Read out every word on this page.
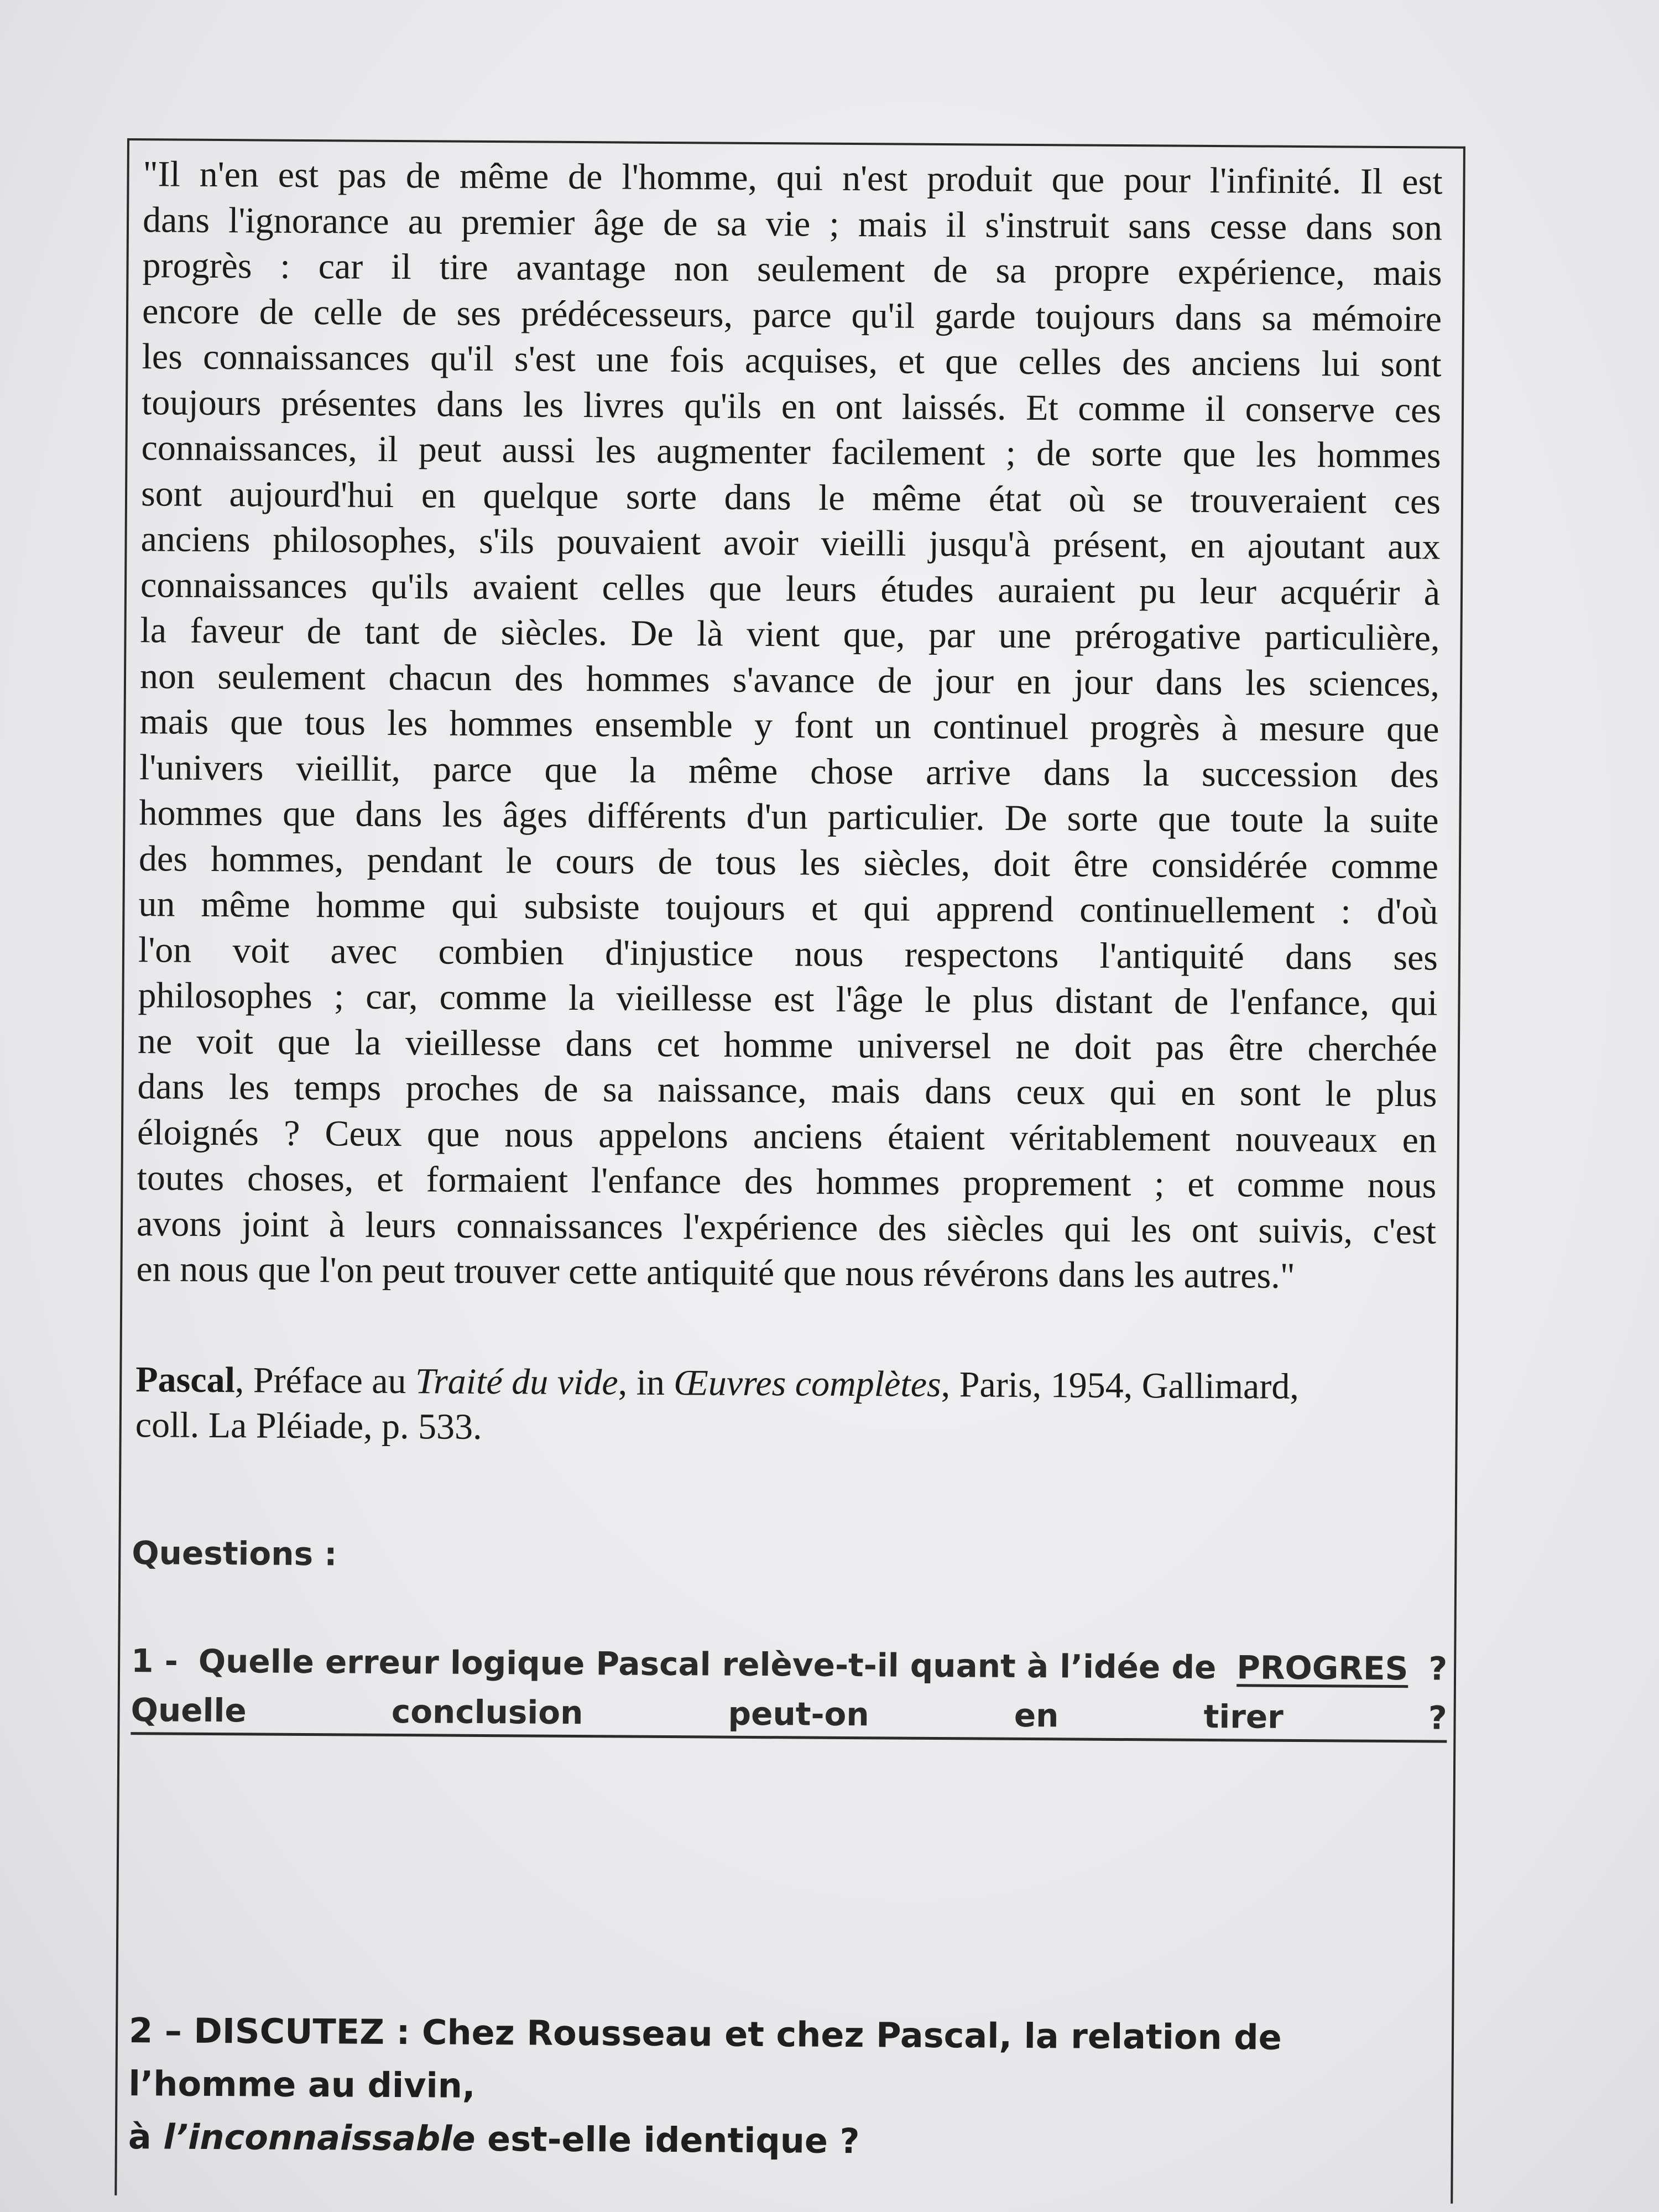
"Il n'en est pas de même de l'homme, qui n'est produit que pour l'infinité. Il est
dans l'ignorance au premier âge de sa vie ; mais il s'instruit sans cesse dans son
progrès : car il tire avantage non seulement de sa propre expérience, mais
encore de celle de ses prédécesseurs, parce qu'il garde toujours dans sa mémoire
les connaissances qu'il s'est une fois acquises, et que celles des anciens lui sont
toujours présentes dans les livres qu'ils en ont laissés. Et comme il conserve ces
connaissances, il peut aussi les augmenter facilement ; de sorte que les hommes
sont aujourd'hui en quelque sorte dans le même état où se trouveraient ces
anciens philosophes, s'ils pouvaient avoir vieilli jusqu'à présent, en ajoutant aux
connaissances qu'ils avaient celles que leurs études auraient pu leur acquérir à
la faveur de tant de siècles. De là vient que, par une prérogative particulière,
non seulement chacun des hommes s'avance de jour en jour dans les sciences,
mais que tous les hommes ensemble y font un continuel progrès à mesure que
l'univers vieillit, parce que la même chose arrive dans la succession des
hommes que dans les âges différents d'un particulier. De sorte que toute la suite
des hommes, pendant le cours de tous les siècles, doit être considérée comme
un même homme qui subsiste toujours et qui apprend continuellement : d'où
l'on voit avec combien d'injustice nous respectons l'antiquité dans ses
philosophes ; car, comme la vieillesse est l'âge le plus distant de l'enfance, qui
ne voit que la vieillesse dans cet homme universel ne doit pas être cherchée
dans les temps proches de sa naissance, mais dans ceux qui en sont le plus
éloignés ? Ceux que nous appelons anciens étaient véritablement nouveaux en
toutes choses, et formaient l'enfance des hommes proprement ; et comme nous
avons joint à leurs connaissances l'expérience des siècles qui les ont suivis, c'est
en nous que l'on peut trouver cette antiquité que nous révérons dans les autres."
Pascal, Préface au Traité du vide, in Œuvres complètes, Paris, 1954, Gallimard,
coll. La Pléiade, p. 533.
Questions :
1 - Quelle erreur logique Pascal relève-t-il quant à l’idée de PROGRES ?
Quelle	conclusion	peut-on	en	tirer	?
2 – DISCUTEZ : Chez Rousseau et chez Pascal, la relation de l’homme au divin,
à l’inconnaissable est-elle identique ?
